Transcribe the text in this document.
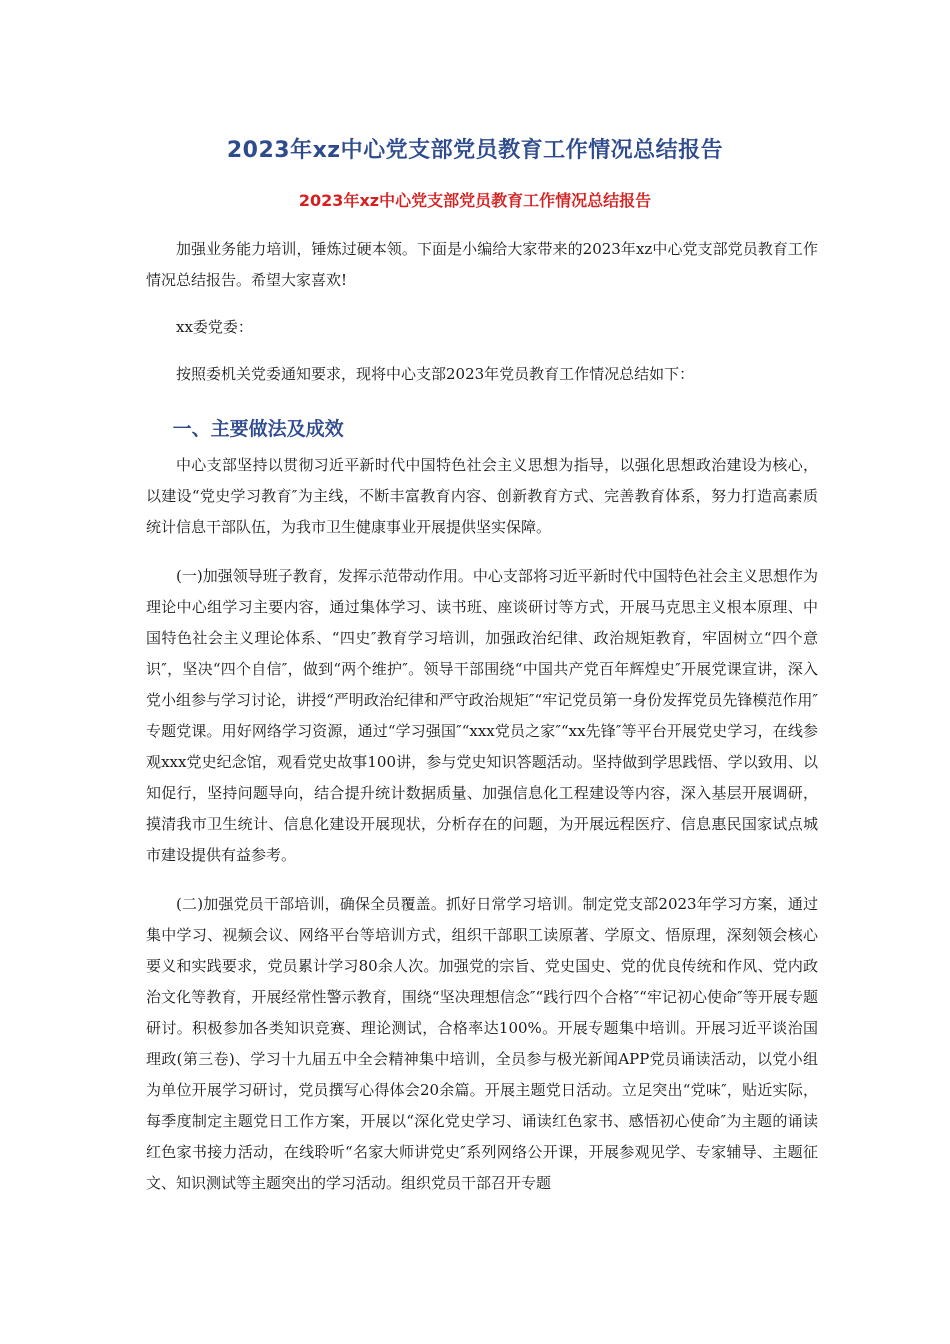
2023年xz中心党支部党员教育工作情况总结报告
2023年xz中心党支部党员教育工作情况总结报告

加强业务能力培训，锤炼过硬本领。下面是小编给大家带来的2023年xz中心党支部党员教育工作情况总结报告。希望大家喜欢!

xx委党委：

按照委机关党委通知要求，现将中心支部2023年党员教育工作情况总结如下：

一、主要做法及成效

中心支部坚持以贯彻习近平新时代中国特色社会主义思想为指导，以强化思想政治建设为核心，以建设“党史学习教育″为主线，不断丰富教育内容、创新教育方式、完善教育体系，努力打造高素质统计信息干部队伍，为我市卫生健康事业开展提供坚实保障。

(一)加强领导班子教育，发挥示范带动作用。中心支部将习近平新时代中国特色社会主义思想作为理论中心组学习主要内容，通过集体学习、读书班、座谈研讨等方式，开展马克思主义根本原理、中国特色社会主义理论体系、“四史″教育学习培训，加强政治纪律、政治规矩教育，牢固树立“四个意识″，坚决“四个自信″，做到“两个维护″。领导干部围绕“中国共产党百年辉煌史″开展党课宣讲，深入党小组参与学习讨论，讲授“严明政治纪律和严守政治规矩″“牢记党员第一身份发挥党员先锋模范作用″专题党课。用好网络学习资源，通过“学习强国″“xxx党员之家″“xx先锋″等平台开展党史学习，在线参观xxx党史纪念馆，观看党史故事100讲，参与党史知识答题活动。坚持做到学思践悟、学以致用、以知促行，坚持问题导向，结合提升统计数据质量、加强信息化工程建设等内容，深入基层开展调研，摸清我市卫生统计、信息化建设开展现状，分析存在的问题，为开展远程医疗、信息惠民国家试点城市建设提供有益参考。

(二)加强党员干部培训，确保全员覆盖。抓好日常学习培训。制定党支部2023年学习方案，通过集中学习、视频会议、网络平台等培训方式，组织干部职工读原著、学原文、悟原理，深刻领会核心要义和实践要求，党员累计学习80余人次。加强党的宗旨、党史国史、党的优良传统和作风、党内政治文化等教育，开展经常性警示教育，围绕“坚决理想信念″“践行四个合格″“牢记初心使命″等开展专题研讨。积极参加各类知识竞赛、理论测试，合格率达100%。开展专题集中培训。开展习近平谈治国理政(第三卷)、学习十九届五中全会精神集中培训，全员参与极光新闻APP党员诵读活动，以党小组为单位开展学习研讨，党员撰写心得体会20余篇。开展主题党日活动。立足突出“党味″，贴近实际，每季度制定主题党日工作方案，开展以“深化党史学习、诵读红色家书、感悟初心使命″为主题的诵读红色家书接力活动，在线聆听“名家大师讲党史″系列网络公开课，开展参观见学、专家辅导、主题征文、知识测试等主题突出的学习活动。组织党员干部召开专题
